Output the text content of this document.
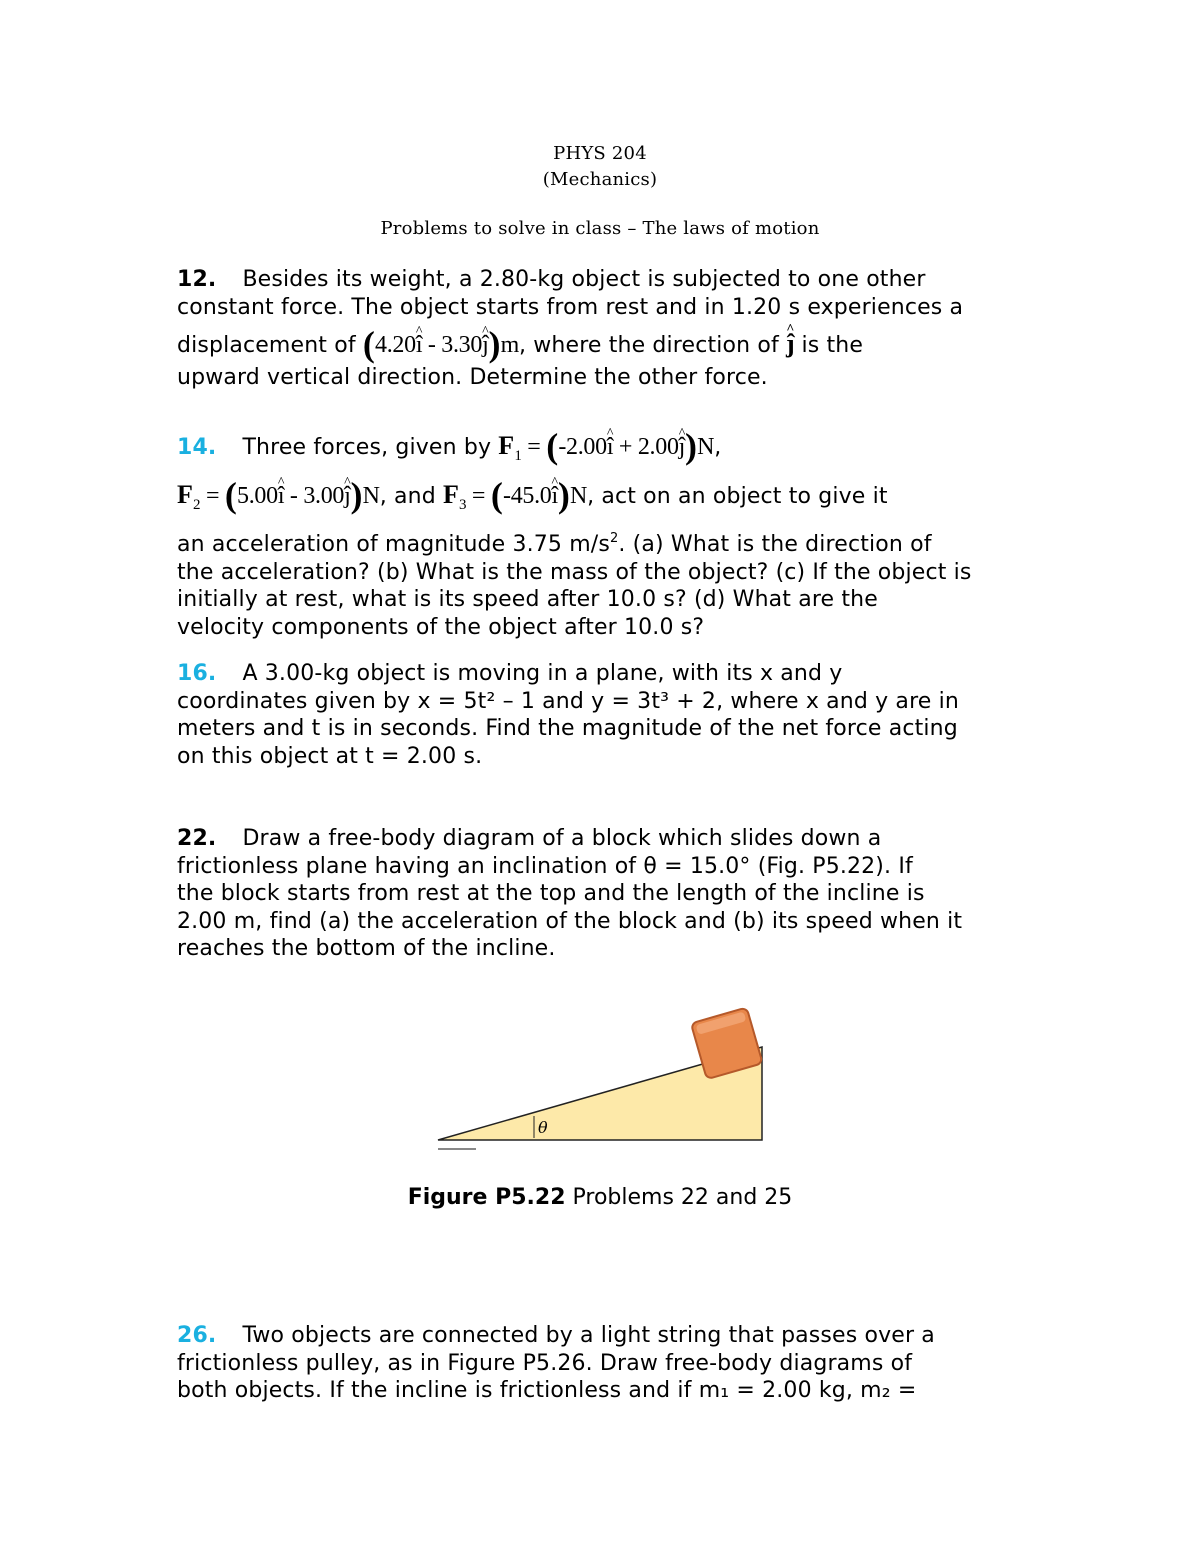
PHYS 204
(Mechanics)
Problems to solve in class – The laws of motion
12. Besides its weight, a 2.80-kg object is subjected to one other
constant force. The object starts from rest and in 1.20 s experiences a
displacement of (4.20^ î - 3.30^ ĵ)m, where the direction of ^ ĵ is the
upward vertical direction. Determine the other force.
14. Three forces, given by $F_1$ = (-2.00^ î + 2.00^ ĵ)N,
$F_2$ = (5.00^ î - 3.00^ ĵ)N, and $F_3$ = (-45.0^ î)N, act on an object to give it
an acceleration of magnitude 3.75 $m/s^2$. (a) What is the direction of
the acceleration? (b) What is the mass of the object? (c) If the object is
initially at rest, what is its speed after 10.0 s? (d) What are the
velocity components of the object after 10.0 s?
16. A 3.00-kg object is moving in a plane, with its x and y
coordinates given by x = 5t² – 1 and y = 3t³ + 2, where x and y are in
meters and t is in seconds. Find the magnitude of the net force acting
on this object at t = 2.00 s.
22. Draw a free-body diagram of a block which slides down a
frictionless plane having an inclination of θ = 15.0° (Fig. P5.22). If
the block starts from rest at the top and the length of the incline is
2.00 m, find (a) the acceleration of the block and (b) its speed when it
reaches the bottom of the incline.
θ
Figure P5.22 Problems 22 and 25
26. Two objects are connected by a light string that passes over a
frictionless pulley, as in Figure P5.26. Draw free-body diagrams of
both objects. If the incline is frictionless and if m₁ = 2.00 kg, m₂ =
